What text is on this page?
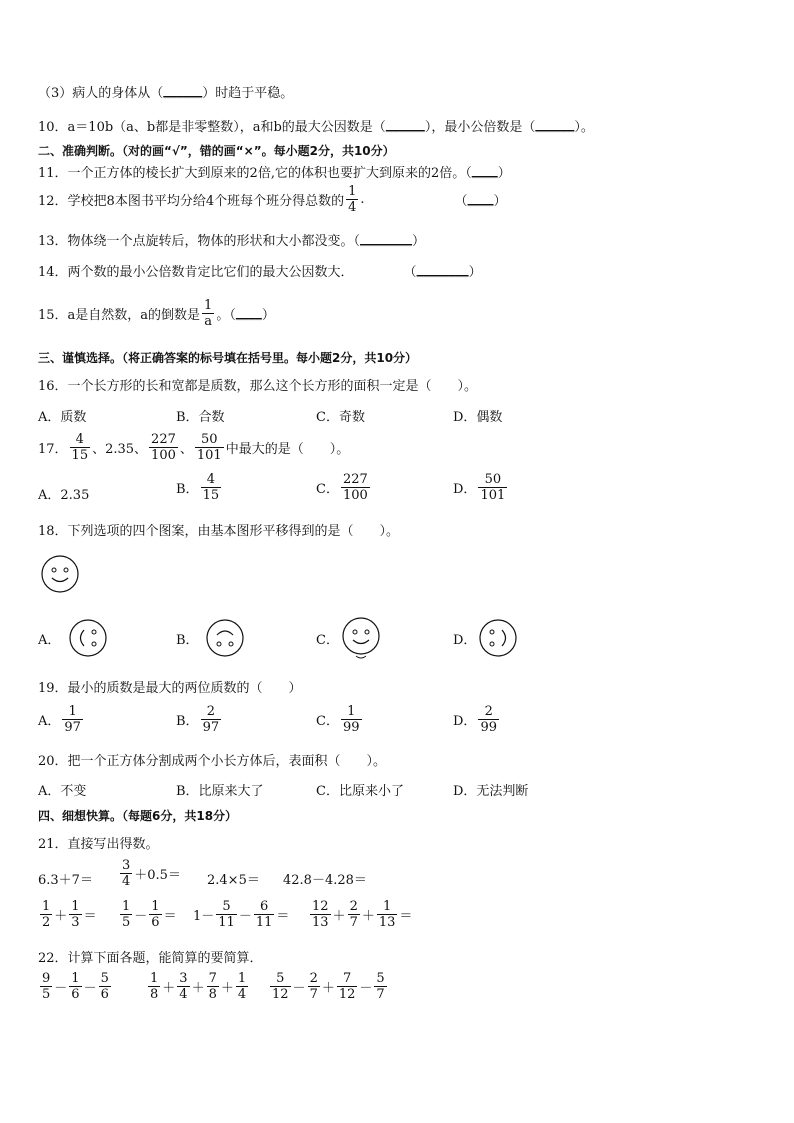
（3）病人的身体从（ ______ ）时趋于平稳。
10．a＝10b（a、b都是非零整数），a和b的最大公因数是（ ______ ），最小公倍数是（ ______ ）。
二、准确判断。（对的画“√”，错的画“×”。每小题2分，共10分）
11．一个正方体的棱长扩大到原来的2倍,它的体积也要扩大到原来的2倍。（ ____ ）
12．学校把8本图书平均分给4个班每个班分得总数的 $\frac{1}{4}$ .	（ ____ ）
13．物体绕一个点旋转后，物体的形状和大小都没变。（ ________ ）
14．两个数的最小公倍数肯定比它们的最大公因数大．	（ ________ ）
15．a是自然数，a的倒数是 $\frac{1}{a}$ 。（ ____ ）
三、谨慎选择。（将正确答案的标号填在括号里。每小题2分，共10分）
16．一个长方形的长和宽都是质数，那么这个长方形的面积一定是（　　）。
A．质数	B．合数	C．奇数	D．偶数
17． $\frac{4}{15}$ 、2.35、 $\frac{227}{100}$ 、 $\frac{50}{101}$ 中最大的是（　　）。
A．2.35	B． $\frac{4}{15}$	C． $\frac{227}{100}$	D． $\frac{50}{101}$
18．下列选项的四个图案，由基本图形平移得到的是（　　）。
A．	B．	C．	D．
19．最小的质数是最大的两位质数的（　　）
A． $\frac{1}{97}$	B． $\frac{2}{97}$	C． $\frac{1}{99}$	D． $\frac{2}{99}$
20．把一个正方体分割成两个小长方体后，表面积（　　）。
A．不变	B．比原来大了	C．比原来小了	D．无法判断
四、细想快算。（每题6分，共18分）
21．直接写出得数。
$6.3+7= \frac{3}{4} +0.5= 2.4\times 5= 42.8-4.28=$
$\frac{1}{2} + \frac{1}{3} = \frac{1}{5} - \frac{1}{6} = 1- \frac{5}{11} - \frac{6}{11} = \frac{12}{13} + \frac{2}{7} + \frac{1}{13}$ ＝
22．计算下面各题，能简算的要简算．
$\frac{9}{5} - \frac{1}{6} - \frac{5}{6}$	$\frac{1}{8} + \frac{3}{4} + \frac{7}{8} + \frac{1}{4} \frac{5}{12} - \frac{2}{7} + \frac{7}{12} - \frac{5}{7}$
